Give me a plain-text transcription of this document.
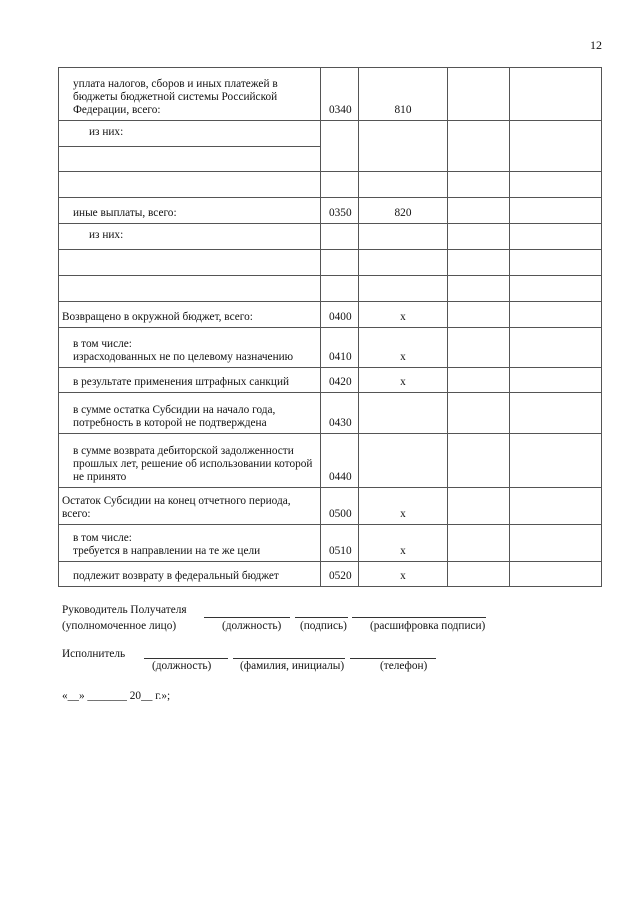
12
уплата налогов, сборов и иных платежей в бюджеты бюджетной системы Российской Федерации, всего:	0340	810		
из них:				

иные выплаты, всего:	0350	820		
из них:				

Возвращено в окружной бюджет, всего:	0400	x		

в том числе:
израсходованных не по целевому назначению	0410	x		
в результате применения штрафных санкций	0420	x		
в сумме остатка Субсидии на начало года, потребность в которой не подтверждена	0430			
в сумме возврата дебиторской задолженности прошлых лет, решение об использовании которой не принято	0440			
Остаток Субсидии на конец отчетного периода, всего:	0500	x		

в том числе:
требуется в направлении на те же цели	0510	x		
подлежит возврату в федеральный бюджет	0520	x		
Руководитель Получателя
(уполномоченное лицо)	(должность) (подпись) (расшифровка подписи)
Исполнитель
(должность)	(фамилия, инициалы)	(телефон)
«__» _______ 20__ г.»;
